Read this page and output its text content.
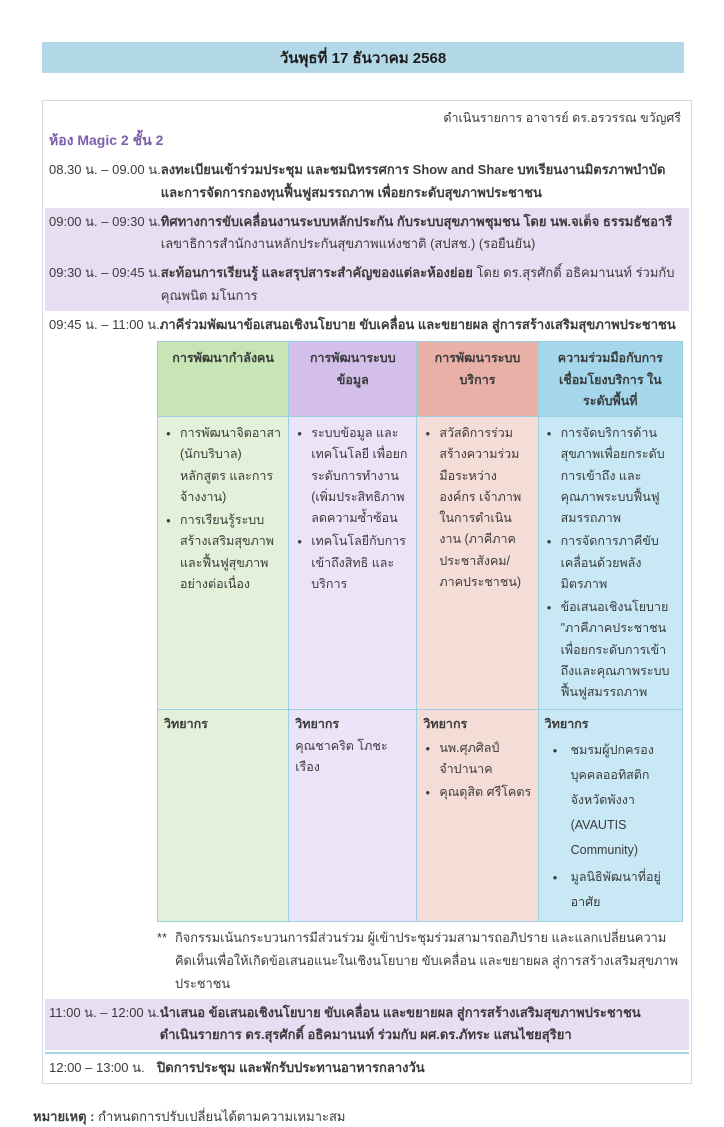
วันพุธที่ 17 ธันวาคม 2568
ดำเนินรายการ อาจารย์ ดร.อรวรรณ ขวัญศรี
ห้อง Magic 2 ชั้น 2
08.30 น. – 09.00 น. ลงทะเบียนเข้าร่วมประชุม และชมนิทรรศการ Show and Share บทเรียนงานมิตรภาพบำบัด และการจัดการกองทุนฟื้นฟูสมรรถภาพ เพื่อยกระดับสุขภาพประชาชน
09:00 น. – 09:30 น. ทิศทางการขับเคลื่อนงานระบบหลักประกัน กับระบบสุขภาพชุมชน โดย นพ.จเด็จ ธรรมธัชอารี
เลขาธิการสำนักงานหลักประกันสุขภาพแห่งชาติ (สปสช.) (รอยืนยัน)
09:30 น. – 09:45 น. สะท้อนการเรียนรู้ และสรุปสาระสำคัญของแต่ละห้องย่อย โดย ดร.สุรศักดิ์ อธิคมานนท์ ร่วมกับคุณพนิต มโนการ
09:45 น. – 11:00 น. ภาคีร่วมพัฒนาข้อเสนอเชิงนโยบาย ขับเคลื่อน และขยายผล สู่การสร้างเสริมสุขภาพประชาชน
การพัฒนากำลังคน	การพัฒนาระบบข้อมูล
การพัฒนาระบบบริการ
ความร่วมมือกับการเชื่อมโยงบริการ ในระดับพื้นที่
● การพัฒนาจิตอาสา (นักบริบาล) หลักสูตร และการจ้างงาน)
● การเรียนรู้ระบบสร้างเสริมสุขภาพ และฟื้นฟูสุขภาพอย่างต่อเนื่อง
● ระบบข้อมูล และเทคโนโลยี เพื่อยกระดับการทำงาน (เพิ่มประสิทธิภาพ ลดความซ้ำซ้อน
● เทคโนโลยีกับการเข้าถึงสิทธิ และบริการ
● สวัสดิการร่วมสร้างความร่วมมือระหว่างองค์กร เจ้าภาพในการดำเนินงาน (ภาคีภาคประชาสังคม/ ภาคประชาชน)
● การจัดบริการด้านสุขภาพเพื่อยกระดับการเข้าถึง และคุณภาพระบบฟื้นฟูสมรรถภาพ
● การจัดการภาคีขับเคลื่อนด้วยพลังมิตรภาพ
● ข้อเสนอเชิงนโยบาย "ภาคีภาคประชาชนเพื่อยกระดับการเข้าถึงและคุณภาพระบบฟื้นฟูสมรรถภาพ
วิทยากร	วิทยากร
คุณชาคริต โภชะเรือง
วิทยากร
● นพ.ศุภศิลป์ จำปานาค
● คุณดุสิต ศรีโคตร
วิทยากร
● ชมรมผู้ปกครองบุคคลออทิสติกจังหวัดพังงา (AVAUTIS Community)
● มูลนิธิพัฒนาที่อยู่อาศัย
** กิจกรรมเน้นกระบวนการมีส่วนร่วม ผู้เข้าประชุมร่วมสามารถอภิปราย และแลกเปลี่ยนความคิดเห็นเพื่อให้เกิดข้อเสนอแนะในเชิงนโยบาย ขับเคลื่อน และขยายผล สู่การสร้างเสริมสุขภาพประชาชน
11:00 น. – 12:00 น. นำเสนอ ข้อเสนอเชิงนโยบาย ขับเคลื่อน และขยายผล สู่การสร้างเสริมสุขภาพประชาชน
ดำเนินรายการ ดร.สุรศักดิ์ อธิคมานนท์ ร่วมกับ ผศ.ดร.ภัทระ แสนไชยสุริยา
12:00 – 13:00 น. ปิดการประชุม และพักรับประทานอาหารกลางวัน
หมายเหตุ : กำหนดการปรับเปลี่ยนได้ตามความเหมาะสม
